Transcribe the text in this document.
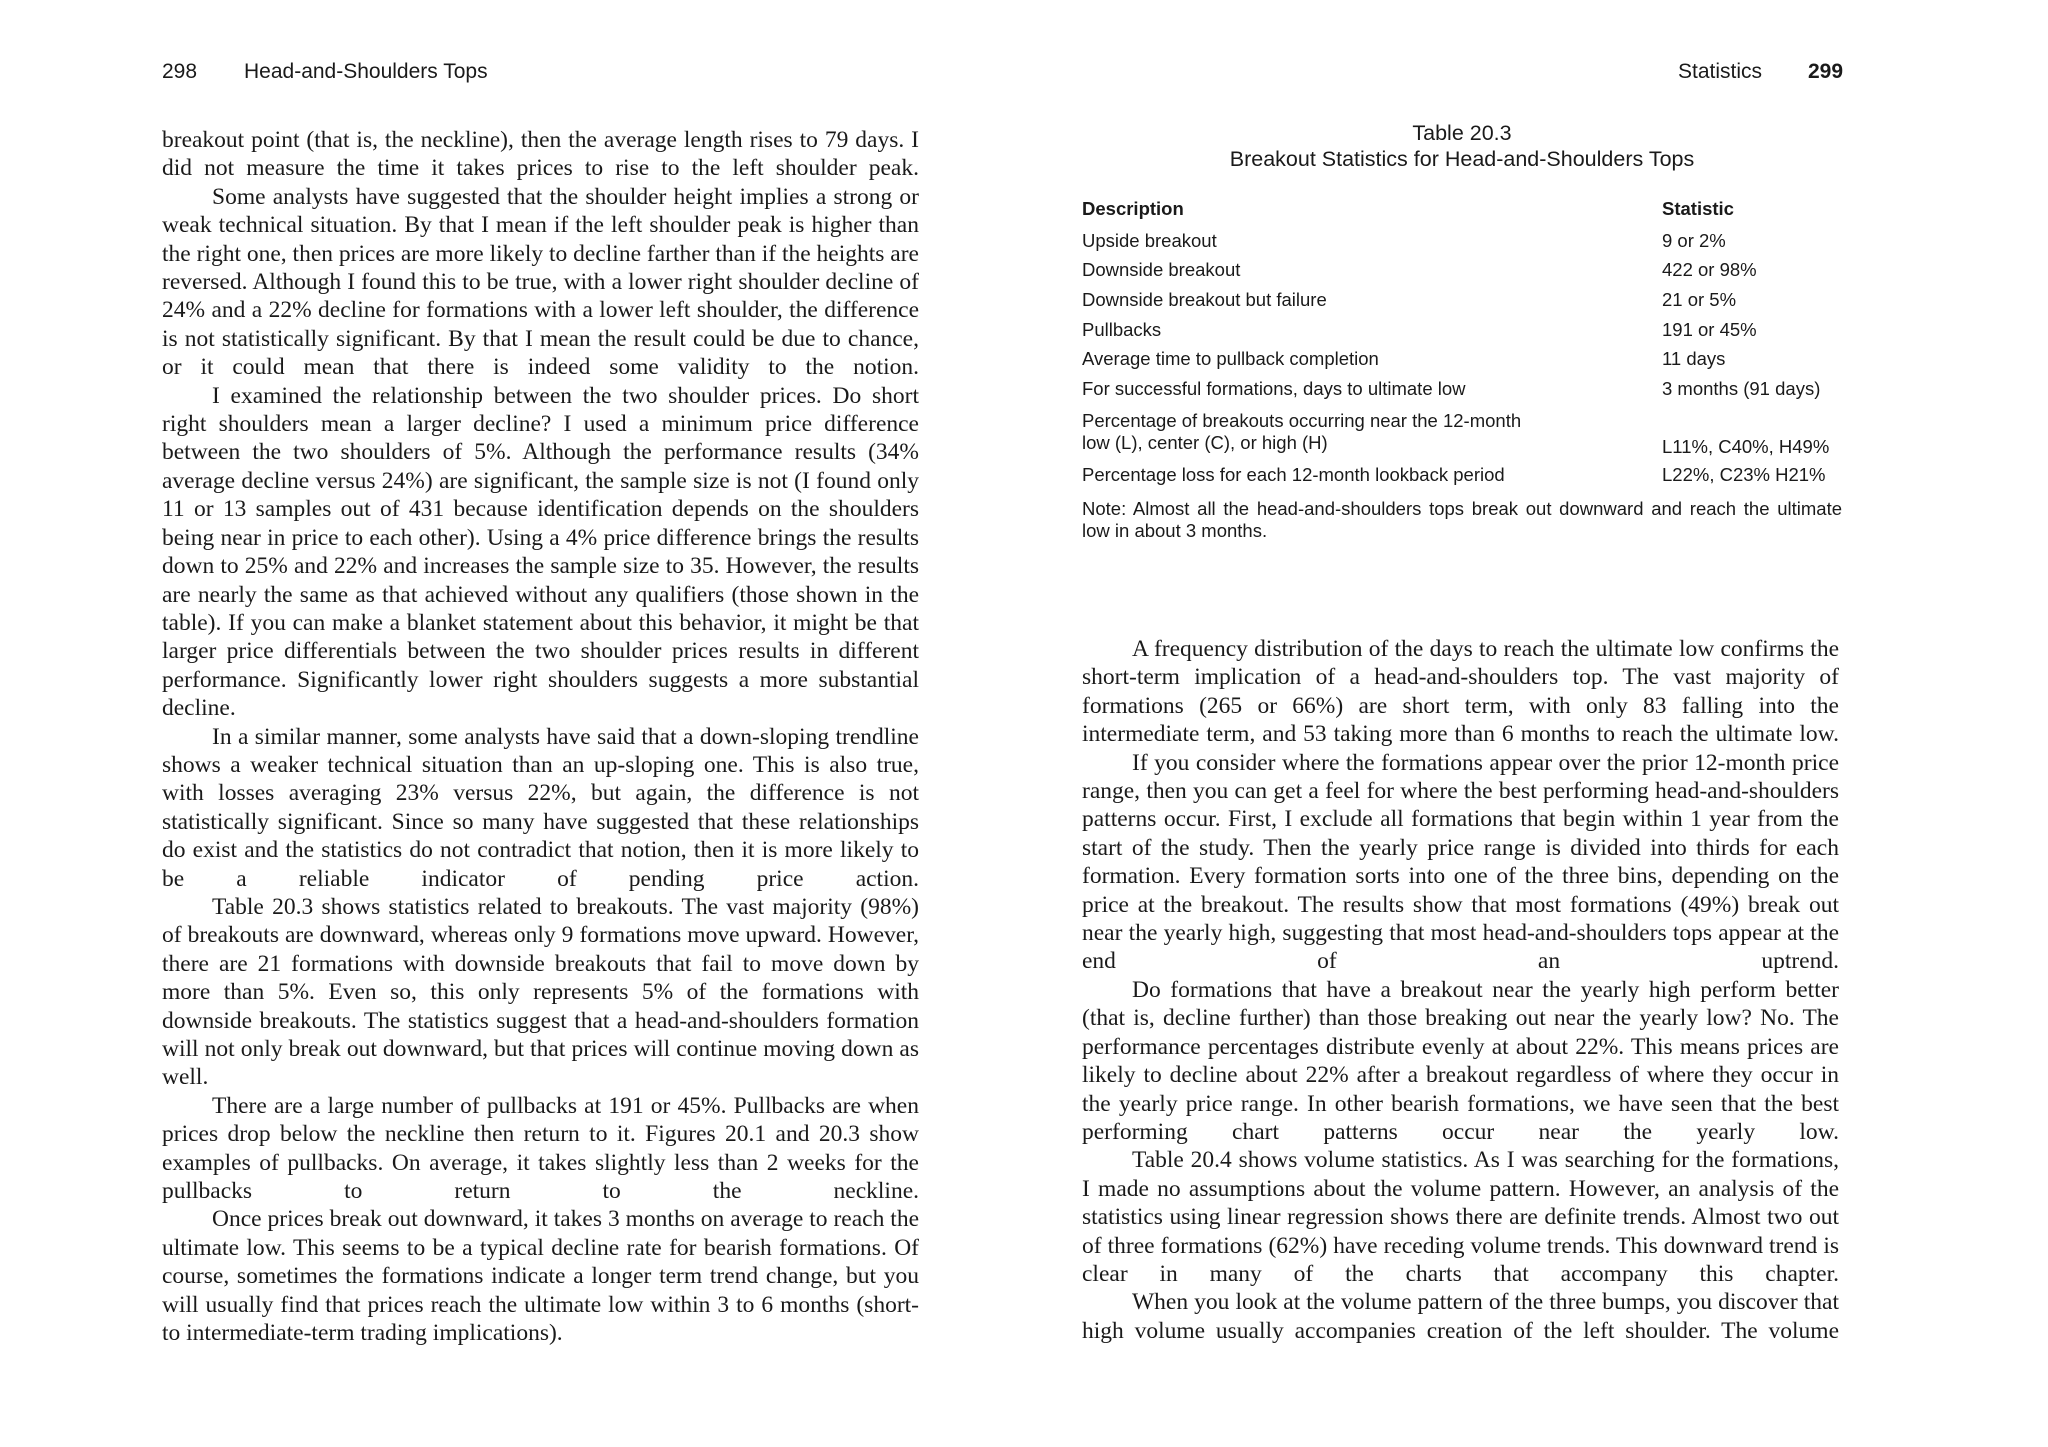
298 Head-and-Shoulders Tops

breakout point (that is, the neckline), then the average length rises to 79 days. I did not measure the time it takes prices to rise to the left shoulder peak.

Some analysts have suggested that the shoulder height implies a strong or weak technical situation. By that I mean if the left shoulder peak is higher than the right one, then prices are more likely to decline farther than if the heights are reversed. Although I found this to be true, with a lower right shoulder decline of 24% and a 22% decline for formations with a lower left shoulder, the difference is not statistically significant. By that I mean the result could be due to chance, or it could mean that there is indeed some validity to the notion.

I examined the relationship between the two shoulder prices. Do short right shoulders mean a larger decline? I used a minimum price difference between the two shoulders of 5%. Although the performance results (34% average decline versus 24%) are significant, the sample size is not (I found only 11 or 13 samples out of 431 because identification depends on the shoulders being near in price to each other). Using a 4% price difference brings the results down to 25% and 22% and increases the sample size to 35. However, the results are nearly the same as that achieved without any qualifiers (those shown in the table). If you can make a blanket statement about this behavior, it might be that larger price differentials between the two shoulder prices results in different performance. Significantly lower right shoulders suggests a more substantial decline.

In a similar manner, some analysts have said that a down-sloping trendline shows a weaker technical situation than an up-sloping one. This is also true, with losses averaging 23% versus 22%, but again, the difference is not statistically significant. Since so many have suggested that these relationships do exist and the statistics do not contradict that notion, then it is more likely to be a reliable indicator of pending price action.

Table 20.3 shows statistics related to breakouts. The vast majority (98%) of breakouts are downward, whereas only 9 formations move upward. However, there are 21 formations with downside breakouts that fail to move down by more than 5%. Even so, this only represents 5% of the formations with downside breakouts. The statistics suggest that a head-and-shoulders formation will not only break out downward, but that prices will continue moving down as well.

There are a large number of pullbacks at 191 or 45%. Pullbacks are when prices drop below the neckline then return to it. Figures 20.1 and 20.3 show examples of pullbacks. On average, it takes slightly less than 2 weeks for the pullbacks to return to the neckline.

Once prices break out downward, it takes 3 months on average to reach the ultimate low. This seems to be a typical decline rate for bearish formations. Of course, sometimes the formations indicate a longer term trend change, but you will usually find that prices reach the ultimate low within 3 to 6 months (short- to intermediate-term trading implications).

Statistics 299
Table 20.3
Breakout Statistics for Head-and-Shoulders Tops
Description	Statistic
Upside breakout	9 or 2%
Downside breakout	422 or 98%
Downside breakout but failure	21 or 5%
Pullbacks	191 or 45%
Average time to pullback completion	11 days
For successful formations, days to ultimate low	3 months (91 days)

Percentage of breakouts occurring near the 12-month
low (L), center (C), or high (H)	L11%, C40%, H49%
Percentage loss for each 12-month lookback period	L22%, C23% H21%
Note: Almost all the head-and-shoulders tops break out downward and reach the ultimate low in about 3 months.

A frequency distribution of the days to reach the ultimate low confirms the short-term implication of a head-and-shoulders top. The vast majority of formations (265 or 66%) are short term, with only 83 falling into the intermediate term, and 53 taking more than 6 months to reach the ultimate low.

If you consider where the formations appear over the prior 12-month price range, then you can get a feel for where the best performing head-and-shoulders patterns occur. First, I exclude all formations that begin within 1 year from the start of the study. Then the yearly price range is divided into thirds for each formation. Every formation sorts into one of the three bins, depending on the price at the breakout. The results show that most formations (49%) break out near the yearly high, suggesting that most head-and-shoulders tops appear at the end of an uptrend.

Do formations that have a breakout near the yearly high perform better (that is, decline further) than those breaking out near the yearly low? No. The performance percentages distribute evenly at about 22%. This means prices are likely to decline about 22% after a breakout regardless of where they occur in the yearly price range. In other bearish formations, we have seen that the best performing chart patterns occur near the yearly low.

Table 20.4 shows volume statistics. As I was searching for the formations, I made no assumptions about the volume pattern. However, an analysis of the statistics using linear regression shows there are definite trends. Almost two out of three formations (62%) have receding volume trends. This downward trend is clear in many of the charts that accompany this chapter.

When you look at the volume pattern of the three bumps, you discover that high volume usually accompanies creation of the left shoulder. The volume
